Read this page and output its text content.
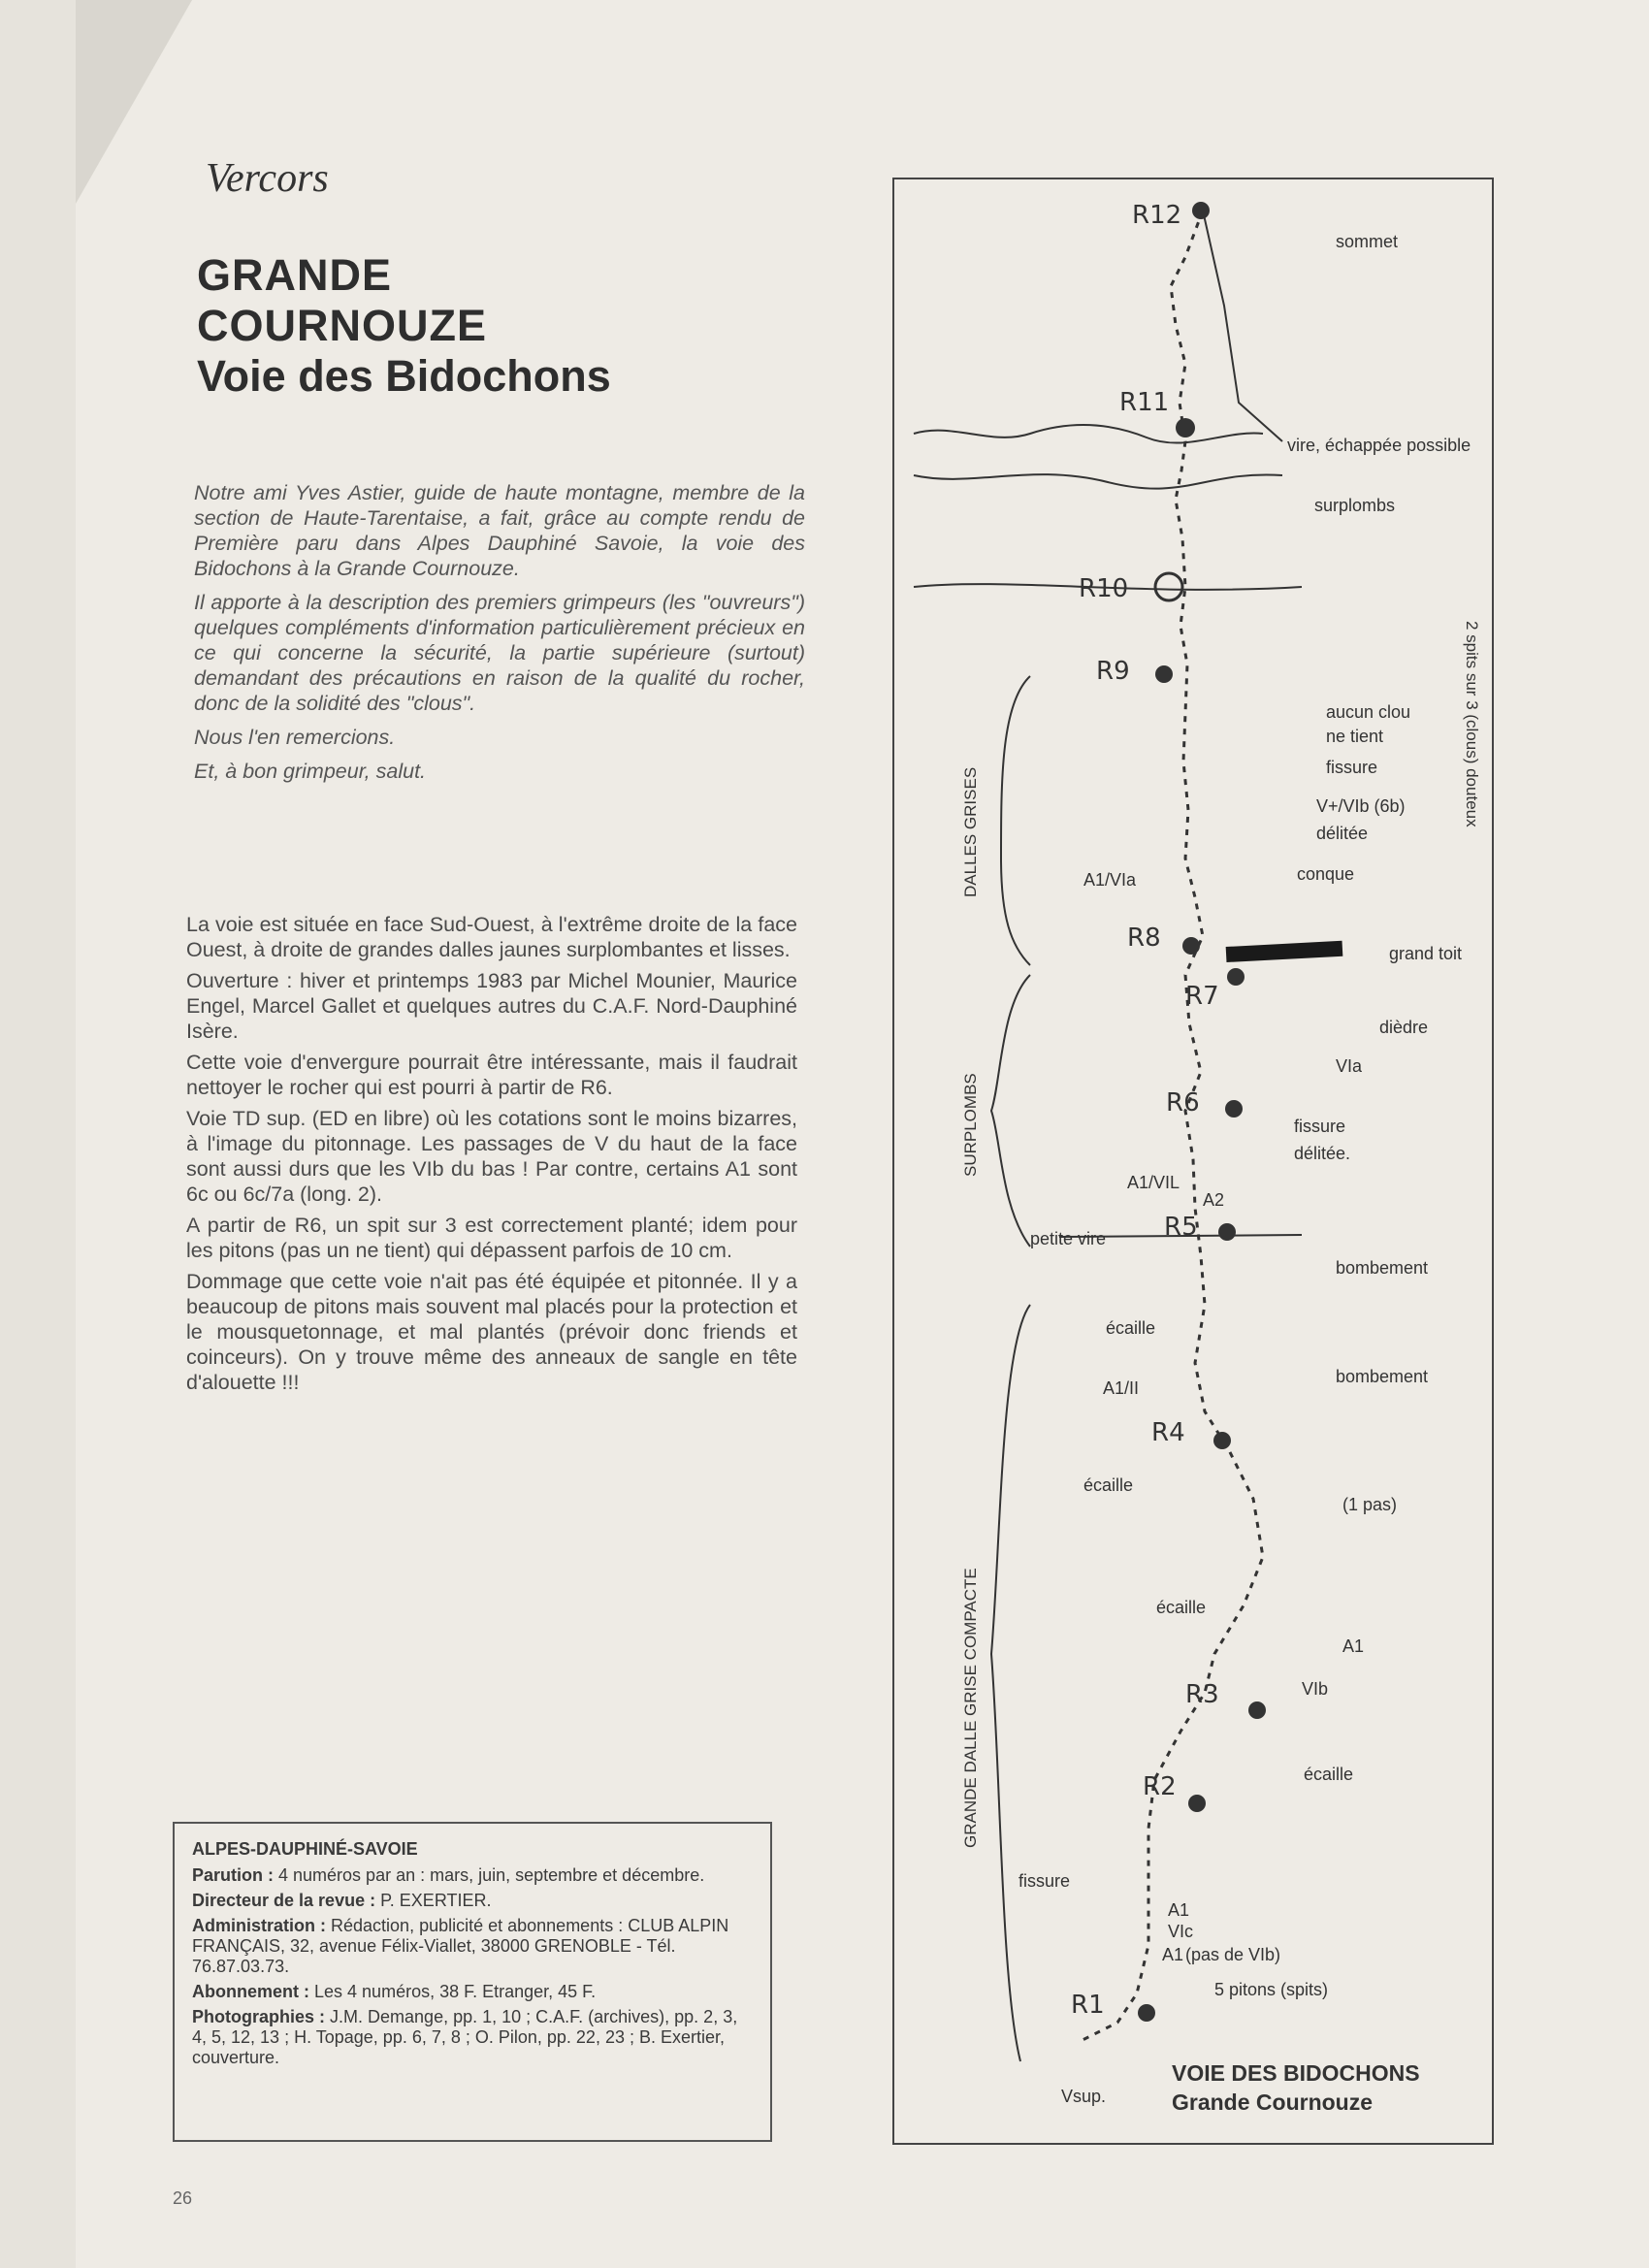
Vercors
GRANDE
COURNOUZE
Voie des Bidochons

Notre ami Yves Astier, guide de haute montagne, membre de la section de Haute-Tarentaise, a fait, grâce au compte rendu de Première paru dans Alpes Dauphiné Savoie, la voie des Bidochons à la Grande Cournouze.

Il apporte à la description des premiers grimpeurs (les "ouvreurs") quelques compléments d'information particulièrement précieux en ce qui concerne la sécurité, la partie supérieure (surtout) demandant des précautions en raison de la qualité du rocher, donc de la solidité des "clous".

Nous l'en remercions.

Et, à bon grimpeur, salut.

La voie est située en face Sud-Ouest, à l'extrême droite de la face Ouest, à droite de grandes dalles jaunes surplombantes et lisses.

Ouverture : hiver et printemps 1983 par Michel Mounier, Maurice Engel, Marcel Gallet et quelques autres du C.A.F. Nord-Dauphiné Isère.

Cette voie d'envergure pourrait être intéressante, mais il faudrait nettoyer le rocher qui est pourri à partir de R6.

Voie TD sup. (ED en libre) où les cotations sont le moins bizarres, à l'image du pitonnage. Les passages de V du haut de la face sont aussi durs que les VIb du bas ! Par contre, certains A1 sont 6c ou 6c/7a (long. 2).

A partir de R6, un spit sur 3 est correctement planté; idem pour les pitons (pas un ne tient) qui dépassent parfois de 10 cm.

Dommage que cette voie n'ait pas été équipée et pitonnée. Il y a beaucoup de pitons mais souvent mal placés pour la protection et le mousquetonnage, et mal plantés (prévoir donc friends et coinceurs). On y trouve même des anneaux de sangle en tête d'alouette !!!

ALPES-DAUPHINÉ-SAVOIE
Parution : 4 numéros par an : mars, juin, septembre et décembre.
Directeur de la revue : P. EXERTIER.
Administration : Rédaction, publicité et abonnements : CLUB ALPIN FRANÇAIS, 32, avenue Félix-Viallet, 38000 GRENOBLE - Tél. 76.87.03.73.
Abonnement : Les 4 numéros, 38 F. Etranger, 45 F.
Photographies : J.M. Demange, pp. 1, 10 ; C.A.F. (archives), pp. 2, 3, 4, 5, 12, 13 ; H. Topage, pp. 6, 7, 8 ; O. Pilon, pp. 22, 23 ; B. Exertier, couverture.
26
R12
R11
R10
R9
R8
R7
R6
R5
R4
R3
R2
R1
sommet
vire, échappée possible
surplombs
aucun clou
ne tient
fissure
V+/VIb (6b)
délitée
conque
A1/VIa
grand toit
dièdre
VIa
fissure
délitée.
A1/VIL
A2
petite vire
bombement
écaille
A1/II
bombement
écaille
(1 pas)
écaille
A1
VIb
écaille
fissure
A1
VIc
A1 (pas de VIb)
5 pitons (spits)
Vsup.
DALLES GRISES
SURPLOMBS
GRANDE DALLE GRISE COMPACTE
2 spits sur 3 (clous) douteux
VOIE DES BIDOCHONS
Grande Cournouze
